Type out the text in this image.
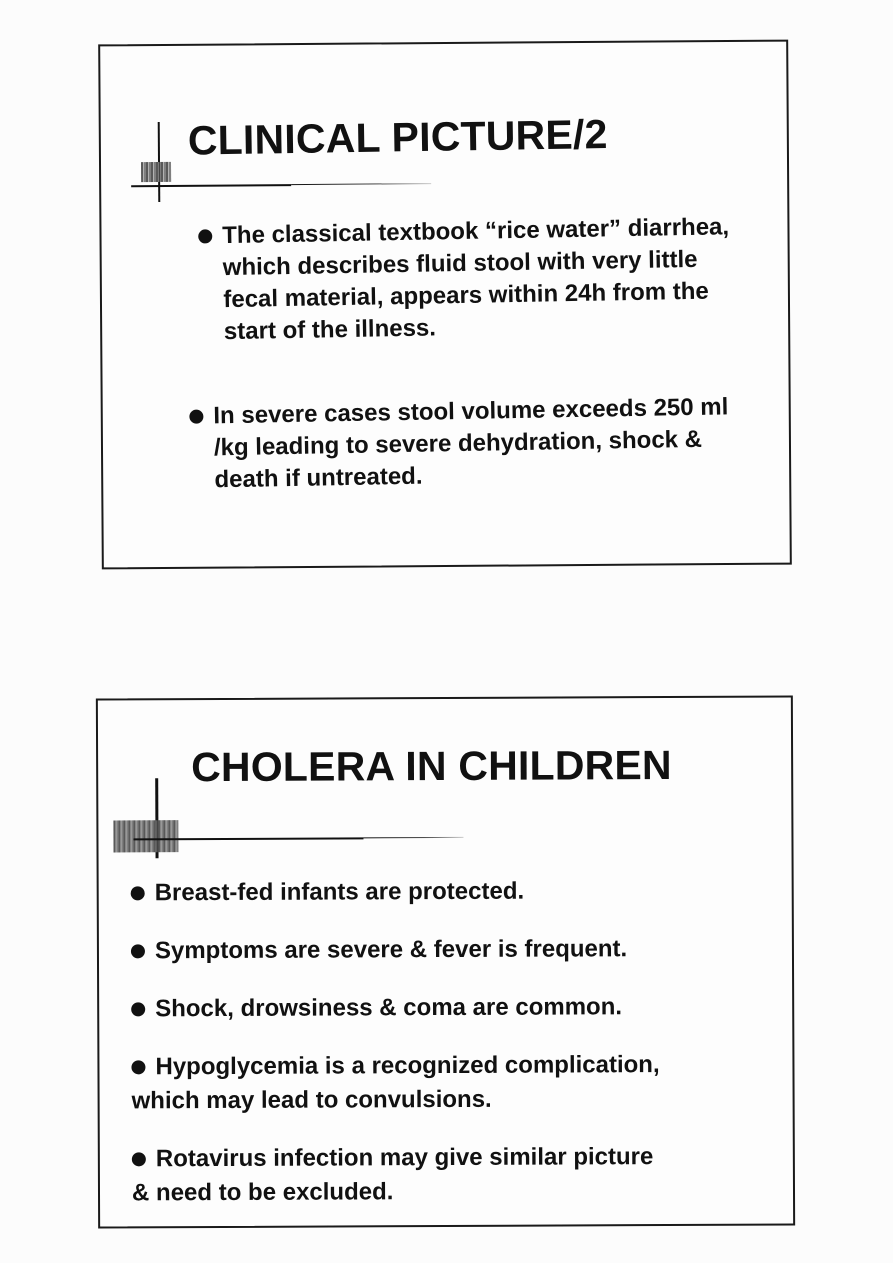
CLINICAL PICTURE/2
The classical textbook “rice water” diarrhea, which describes fluid stool with very little fecal material, appears within 24h from the start of the illness.
In severe cases stool volume exceeds 250 ml /kg leading to severe dehydration, shock & death if untreated.
CHOLERA IN CHILDREN
Breast-fed infants are protected.
Symptoms are severe & fever is frequent.
Shock, drowsiness & coma are common.
Hypoglycemia is a recognized complication,
which may lead to convulsions.
Rotavirus infection may give similar picture
& need to be excluded.
